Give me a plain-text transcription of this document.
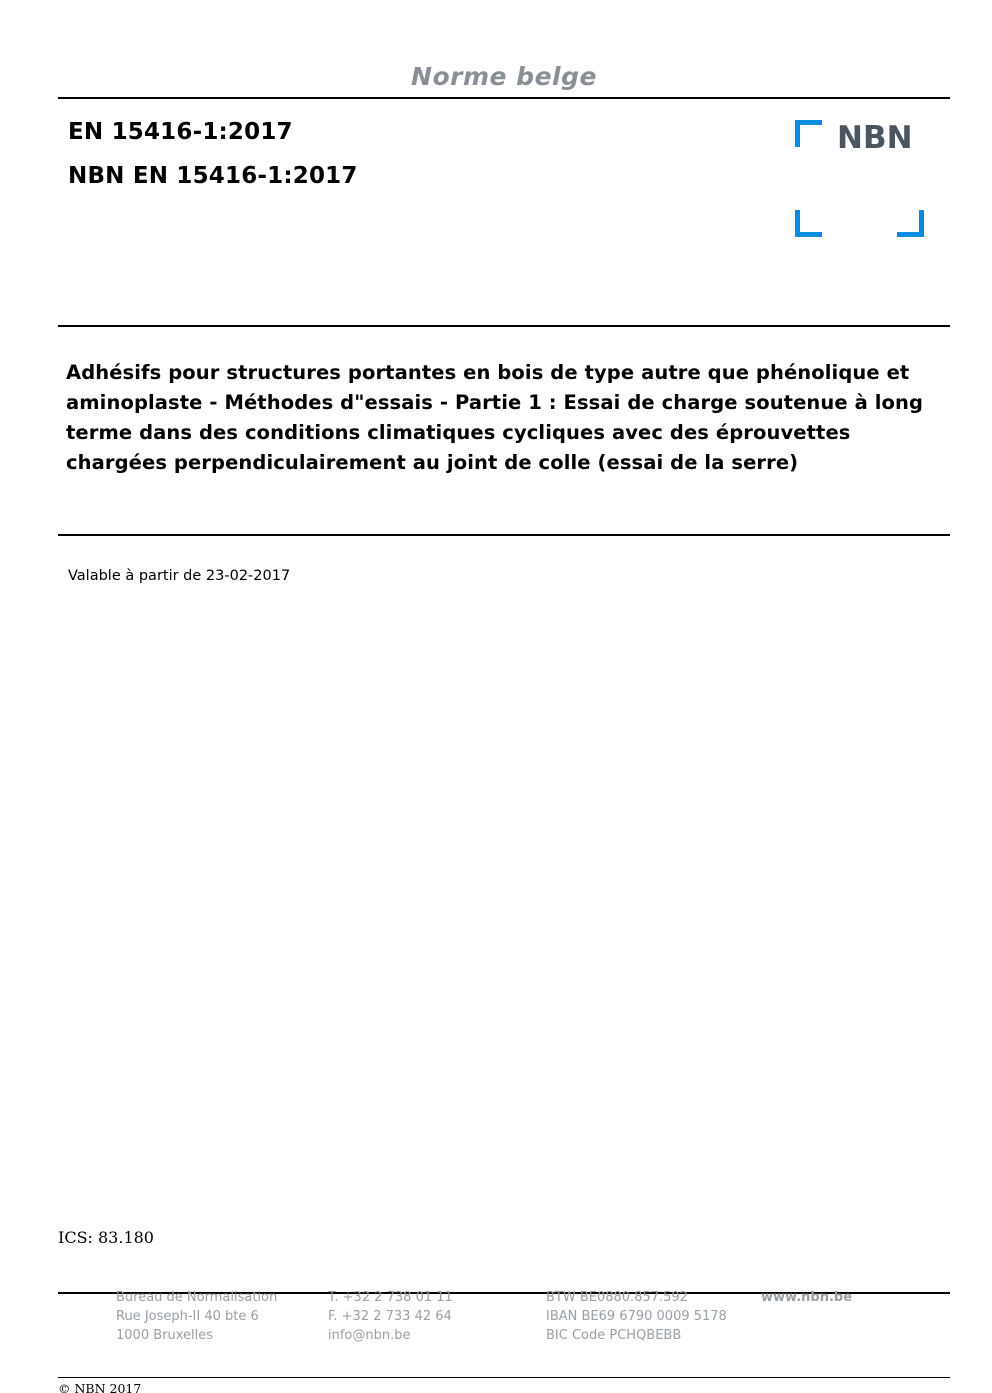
Norme belge
EN 15416-1:2017
NBN EN 15416-1:2017
NBN
Adhésifs pour structures portantes en bois de type autre que phénolique et aminoplaste - Méthodes d"essais - Partie 1 : Essai de charge soutenue à long terme dans des conditions climatiques cycliques avec des éprouvettes chargées perpendiculairement au joint de colle (essai de la serre)
Valable à partir de 23-02-2017
ICS: 83.180
Bureau de Normalisation
Rue Joseph-II 40 bte 6
1000 Bruxelles
T. +32 2 738 01 11
F. +32 2 733 42 64
info@nbn.be
BTW BE0880.857.592
IBAN BE69 6790 0009 5178
BIC Code PCHQBEBB
www.nbn.be
© NBN 2017
